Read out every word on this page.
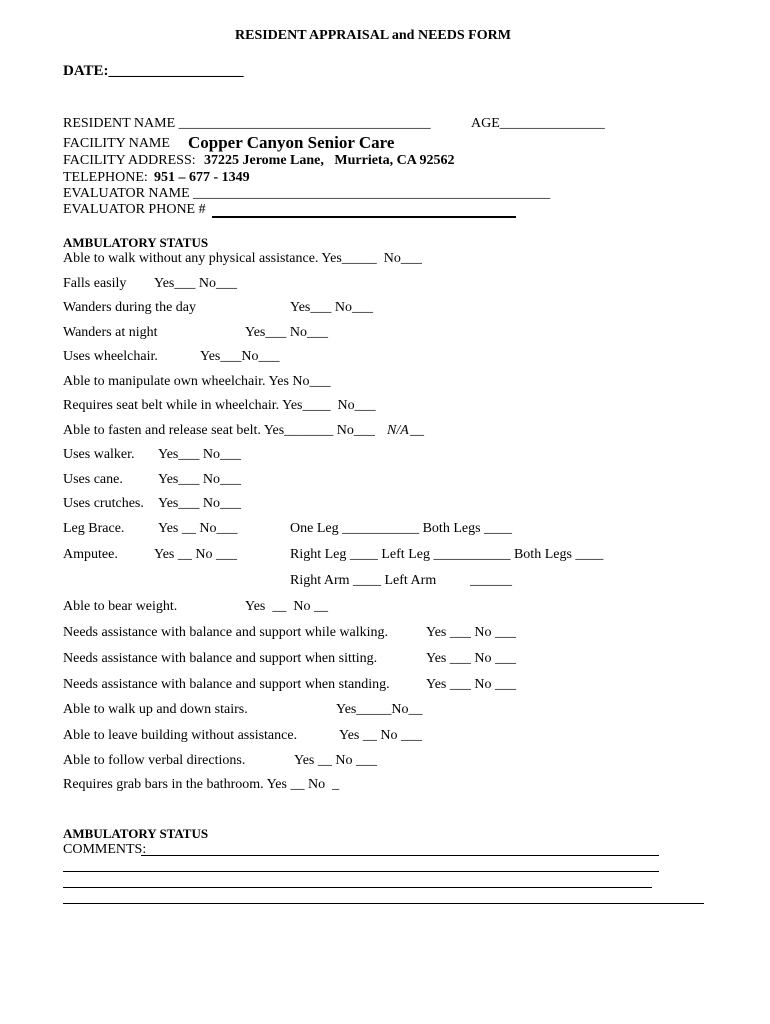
RESIDENT APPRAISAL and NEEDS FORM
DATE:__________________
RESIDENT NAME ____________________________________	AGE_______________
FACILITY NAME Copper Canyon Senior Care
FACILITY ADDRESS: 37225 Jerome Lane,   Murrieta, CA 92562
TELEPHONE: 951 – 677 - 1349
EVALUATOR NAME ___________________________________________________
EVALUATOR PHONE #
AMBULATORY STATUS
Able to walk without any physical assistance. Yes_____  No___
Falls easily Yes___ No___
Wanders during the day	Yes___ No___
Wanders at night	Yes___ No___
Uses wheelchair.	Yes___No___
Able to manipulate own wheelchair. Yes No___
Requires seat belt while in wheelchair. Yes____  No___
Able to fasten and release seat belt. Yes_______ No___ N/A __
Uses walker. Yes___ No___
Uses cane.	Yes___ No___
Uses crutches. Yes___ No___
Leg Brace. Yes __ No___	One Leg ___________ Both Legs ____
Amputee.	Yes __ No ___	Right Leg ____ Left Leg ___________ Both Legs ____
Right Arm ____ Left Arm ______
Able to bear weight.	Yes  __  No __
Needs assistance with balance and support while walking.	Yes ___ No ___
Needs assistance with balance and support when sitting.	Yes ___ No ___
Needs assistance with balance and support when standing.	Yes ___ No ___
Able to walk up and down stairs.	Yes_____No__
Able to leave building without assistance.	Yes __ No ___
Able to follow verbal directions.	Yes __ No ___
Requires grab bars in the bathroom. Yes __ No  _
AMBULATORY STATUS
COMMENTS:
